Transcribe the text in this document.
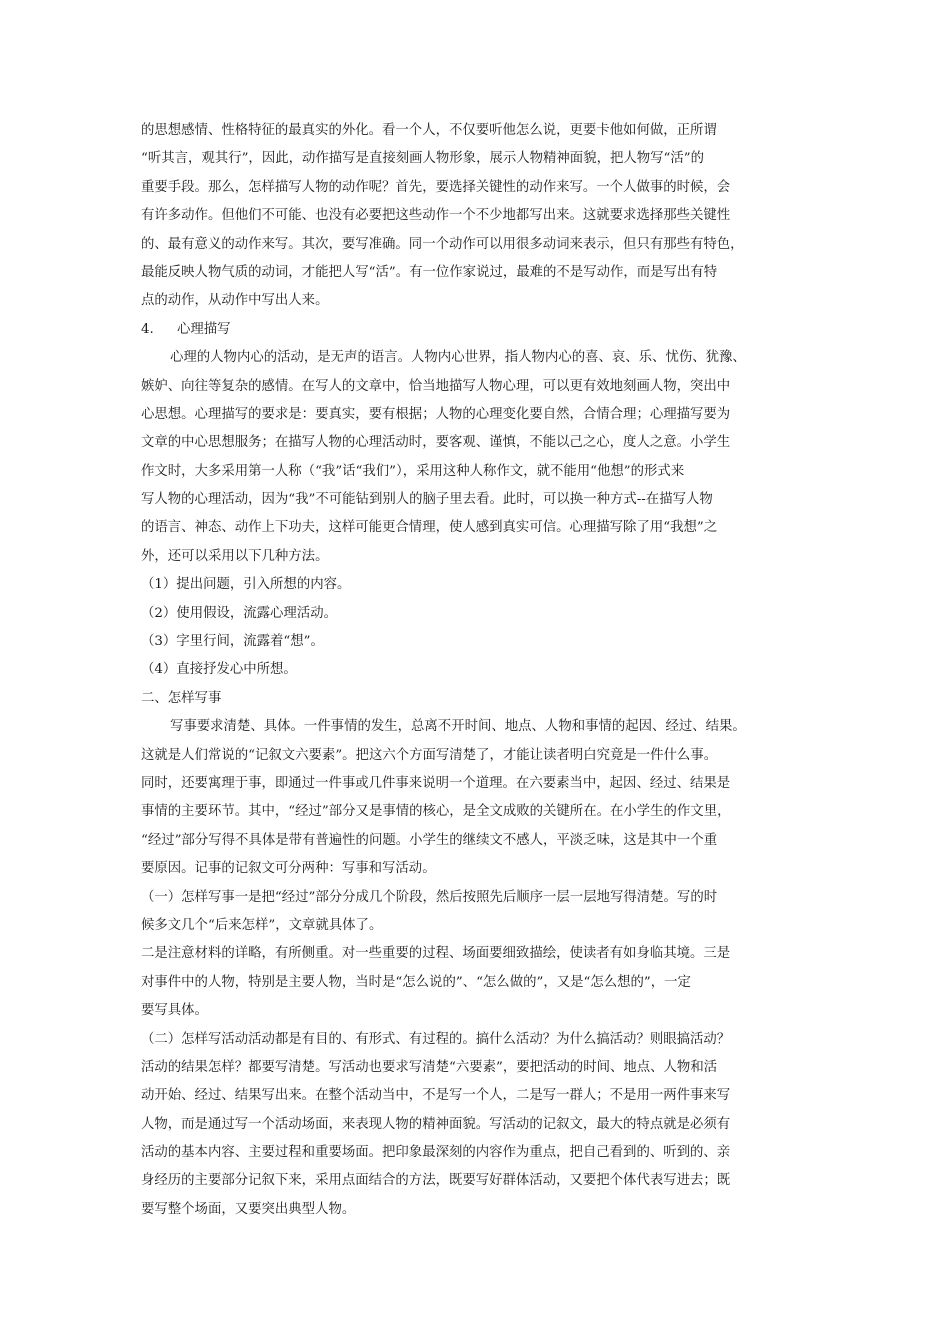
的思想感情、性格特征的最真实的外化。看一个人，不仅要听他怎么说，更要卡他如何做，正所谓
“听其言，观其行”，因此，动作描写是直接刻画人物形象，展示人物精神面貌，把人物写“活”的
重要手段。那么，怎样描写人物的动作呢？首先，要选择关键性的动作来写。一个人做事的时候，会
有许多动作。但他们不可能、也没有必要把这些动作一个不少地都写出来。这就要求选择那些关键性
的、最有意义的动作来写。其次，要写准确。同一个动作可以用很多动词来表示，但只有那些有特色，
最能反映人物气质的动词，才能把人写“活”。有一位作家说过，最难的不是写动作，而是写出有特
点的动作，从动作中写出人来。
4. 心理描写
心理的人物内心的活动，是无声的语言。人物内心世界，指人物内心的喜、哀、乐、忧伤、犹豫、
嫉妒、向往等复杂的感情。在写人的文章中，恰当地描写人物心理，可以更有效地刻画人物，突出中
心思想。心理描写的要求是：要真实，要有根据；人物的心理变化要自然，合情合理；心理描写要为
文章的中心思想服务；在描写人物的心理活动时，要客观、谨慎，不能以己之心，度人之意。小学生
作文时，大多采用第一人称（“我”话“我们”），采用这种人称作文，就不能用“他想”的形式来
写人物的心理活动，因为“我”不可能钻到别人的脑子里去看。此时，可以换一种方式--在描写人物
的语言、神态、动作上下功夫，这样可能更合情理，使人感到真实可信。心理描写除了用“我想”之
外，还可以采用以下几种方法。
（1）提出问题，引入所想的内容。
（2）使用假设，流露心理活动。
（3）字里行间，流露着“想”。
（4）直接抒发心中所想。
二、怎样写事
写事要求清楚、具体。一件事情的发生，总离不开时间、地点、人物和事情的起因、经过、结果。
这就是人们常说的“记叙文六要素”。把这六个方面写清楚了，才能让读者明白究竟是一件什么事。
同时，还要寓理于事，即通过一件事或几件事来说明一个道理。在六要素当中，起因、经过、结果是
事情的主要环节。其中，“经过”部分又是事情的核心，是全文成败的关键所在。在小学生的作文里，
“经过”部分写得不具体是带有普遍性的问题。小学生的继续文不感人，平淡乏味，这是其中一个重
要原因。记事的记叙文可分两种：写事和写活动。
（一）怎样写事一是把“经过”部分分成几个阶段，然后按照先后顺序一层一层地写得清楚。写的时
候多文几个“后来怎样”，文章就具体了。
二是注意材料的详略，有所侧重。对一些重要的过程、场面要细致描绘，使读者有如身临其境。三是
对事件中的人物，特别是主要人物，当时是“怎么说的”、“怎么做的”，又是“怎么想的”，一定
要写具体。
（二）怎样写活动活动都是有目的、有形式、有过程的。搞什么活动？为什么搞活动？则眼搞活动？
活动的结果怎样？都要写清楚。写活动也要求写清楚“六要素”，要把活动的时间、地点、人物和活
动开始、经过、结果写出来。在整个活动当中，不是写一个人，二是写一群人；不是用一两件事来写
人物，而是通过写一个活动场面，来表现人物的精神面貌。写活动的记叙文，最大的特点就是必须有
活动的基本内容、主要过程和重要场面。把印象最深刻的内容作为重点，把自己看到的、听到的、亲
身经历的主要部分记叙下来，采用点面结合的方法，既要写好群体活动，又要把个体代表写进去；既
要写整个场面，又要突出典型人物。
